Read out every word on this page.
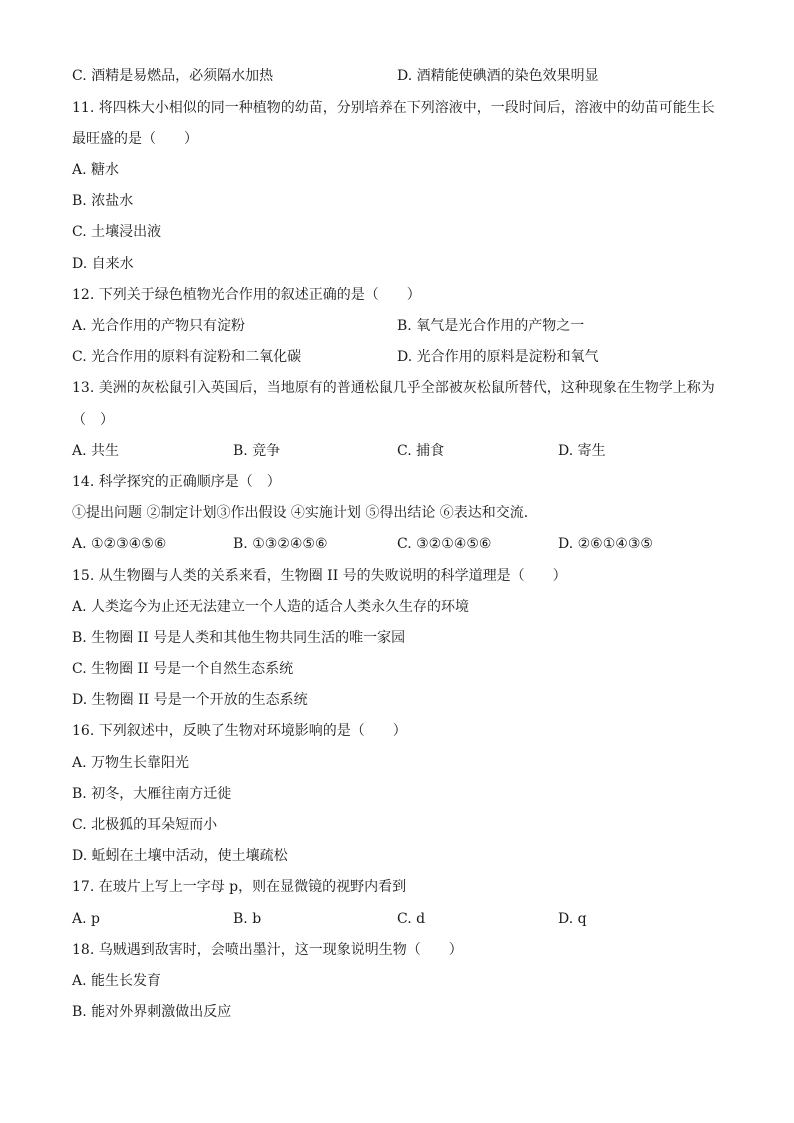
C. 酒精是易燃品，必须隔水加热	D. 酒精能使碘酒的染色效果明显
11. 将四株大小相似的同一种植物的幼苗，分别培养在下列溶液中，一段时间后，溶液中的幼苗可能生长
最旺盛的是（　　）
A. 糖水
B. 浓盐水
C. 土壤浸出液
D. 自来水
12. 下列关于绿色植物光合作用的叙述正确的是（　　）
A. 光合作用的产物只有淀粉	B. 氧气是光合作用的产物之一
C. 光合作用的原料有淀粉和二氧化碳	D. 光合作用的原料是淀粉和氧气
13. 美洲的灰松鼠引入英国后，当地原有的普通松鼠几乎全部被灰松鼠所替代，这种现象在生物学上称为
（　）
A. 共生	B. 竞争	C. 捕食	D. 寄生
14. 科学探究的正确顺序是（　）
①提出问题 ②制定计划③作出假设 ④实施计划 ⑤得出结论 ⑥表达和交流．
A. ①②③④⑤⑥	B. ①③②④⑤⑥	C. ③②①④⑤⑥	D. ②⑥①④③⑤
15. 从生物圈与人类的关系来看，生物圈 II 号的失败说明的科学道理是（　　）
A. 人类迄今为止还无法建立一个人造的适合人类永久生存的环境
B. 生物圈 II 号是人类和其他生物共同生活的唯一家园
C. 生物圈 II 号是一个自然生态系统
D. 生物圈 II 号是一个开放的生态系统
16. 下列叙述中，反映了生物对环境影响的是（　　）
A. 万物生长靠阳光
B. 初冬，大雁往南方迁徙
C. 北极狐的耳朵短而小
D. 蚯蚓在土壤中活动，使土壤疏松
17. 在玻片上写上一字母 p，则在显微镜的视野内看到
A. p	B. b	C. d	D. q
18. 乌贼遇到敌害时，会喷出墨汁，这一现象说明生物（　　）
A. 能生长发育
B. 能对外界刺激做出反应
